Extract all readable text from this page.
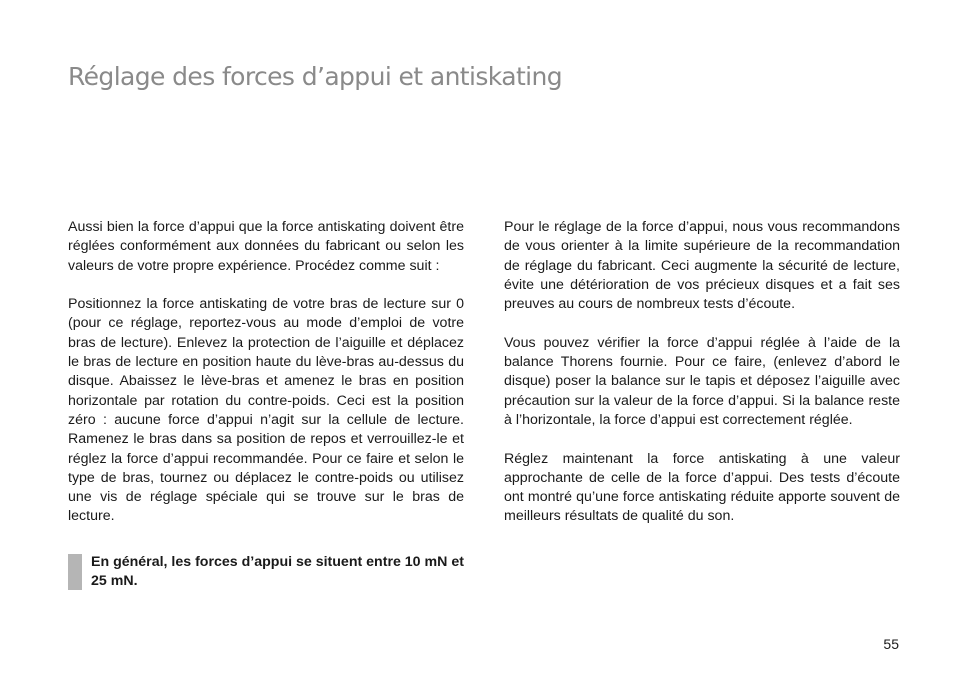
Réglage des forces d’appui et antiskating

Aussi bien la force d’appui que la force antiskating doivent être réglées conformément aux données du fabricant ou selon les valeurs de votre propre expérience. Procédez comme suit :

Positionnez la force antiskating de votre bras de lecture sur 0 (pour ce réglage, reportez-vous au mode d’emploi de votre bras de lecture). Enlevez la protection de l’aiguille et déplacez le bras de lecture en position haute du lève-bras au-dessus du disque. Abaissez le lève-bras et amenez le bras en position horizontale par rotation du contre-poids. Ceci est la position zéro : aucune force d’appui n’agit sur la cellule de lecture. Ramenez le bras dans sa position de repos et verrouillez-le et réglez la force d’appui recommandée. Pour ce faire et selon le type de bras, tournez ou déplacez le contre-poids ou utilisez une vis de réglage spéciale qui se trouve sur le bras de lecture.

En général, les forces d’appui se situent entre 10 mN et 25 mN.

Pour le réglage de la force d’appui, nous vous recommandons de vous orienter à la limite supérieure de la recommandation de réglage du fabricant. Ceci augmente la sécurité de lecture, évite une détérioration de vos précieux disques et a fait ses preuves au cours de nombreux tests d’écoute.

Vous pouvez vérifier la force d’appui réglée à l’aide de la balance Thorens fournie. Pour ce faire, (enlevez d’abord le disque) poser la balance sur le tapis et déposez l’aiguille avec précaution sur la valeur de la force d’appui. Si la balance reste à l’horizontale, la force d’appui est correctement réglée.

Réglez maintenant la force antiskating à une valeur approchante de celle de la force d’appui. Des tests d’écoute ont montré qu’une force antiskating réduite apporte souvent de meilleurs résultats de qualité du son.

55
